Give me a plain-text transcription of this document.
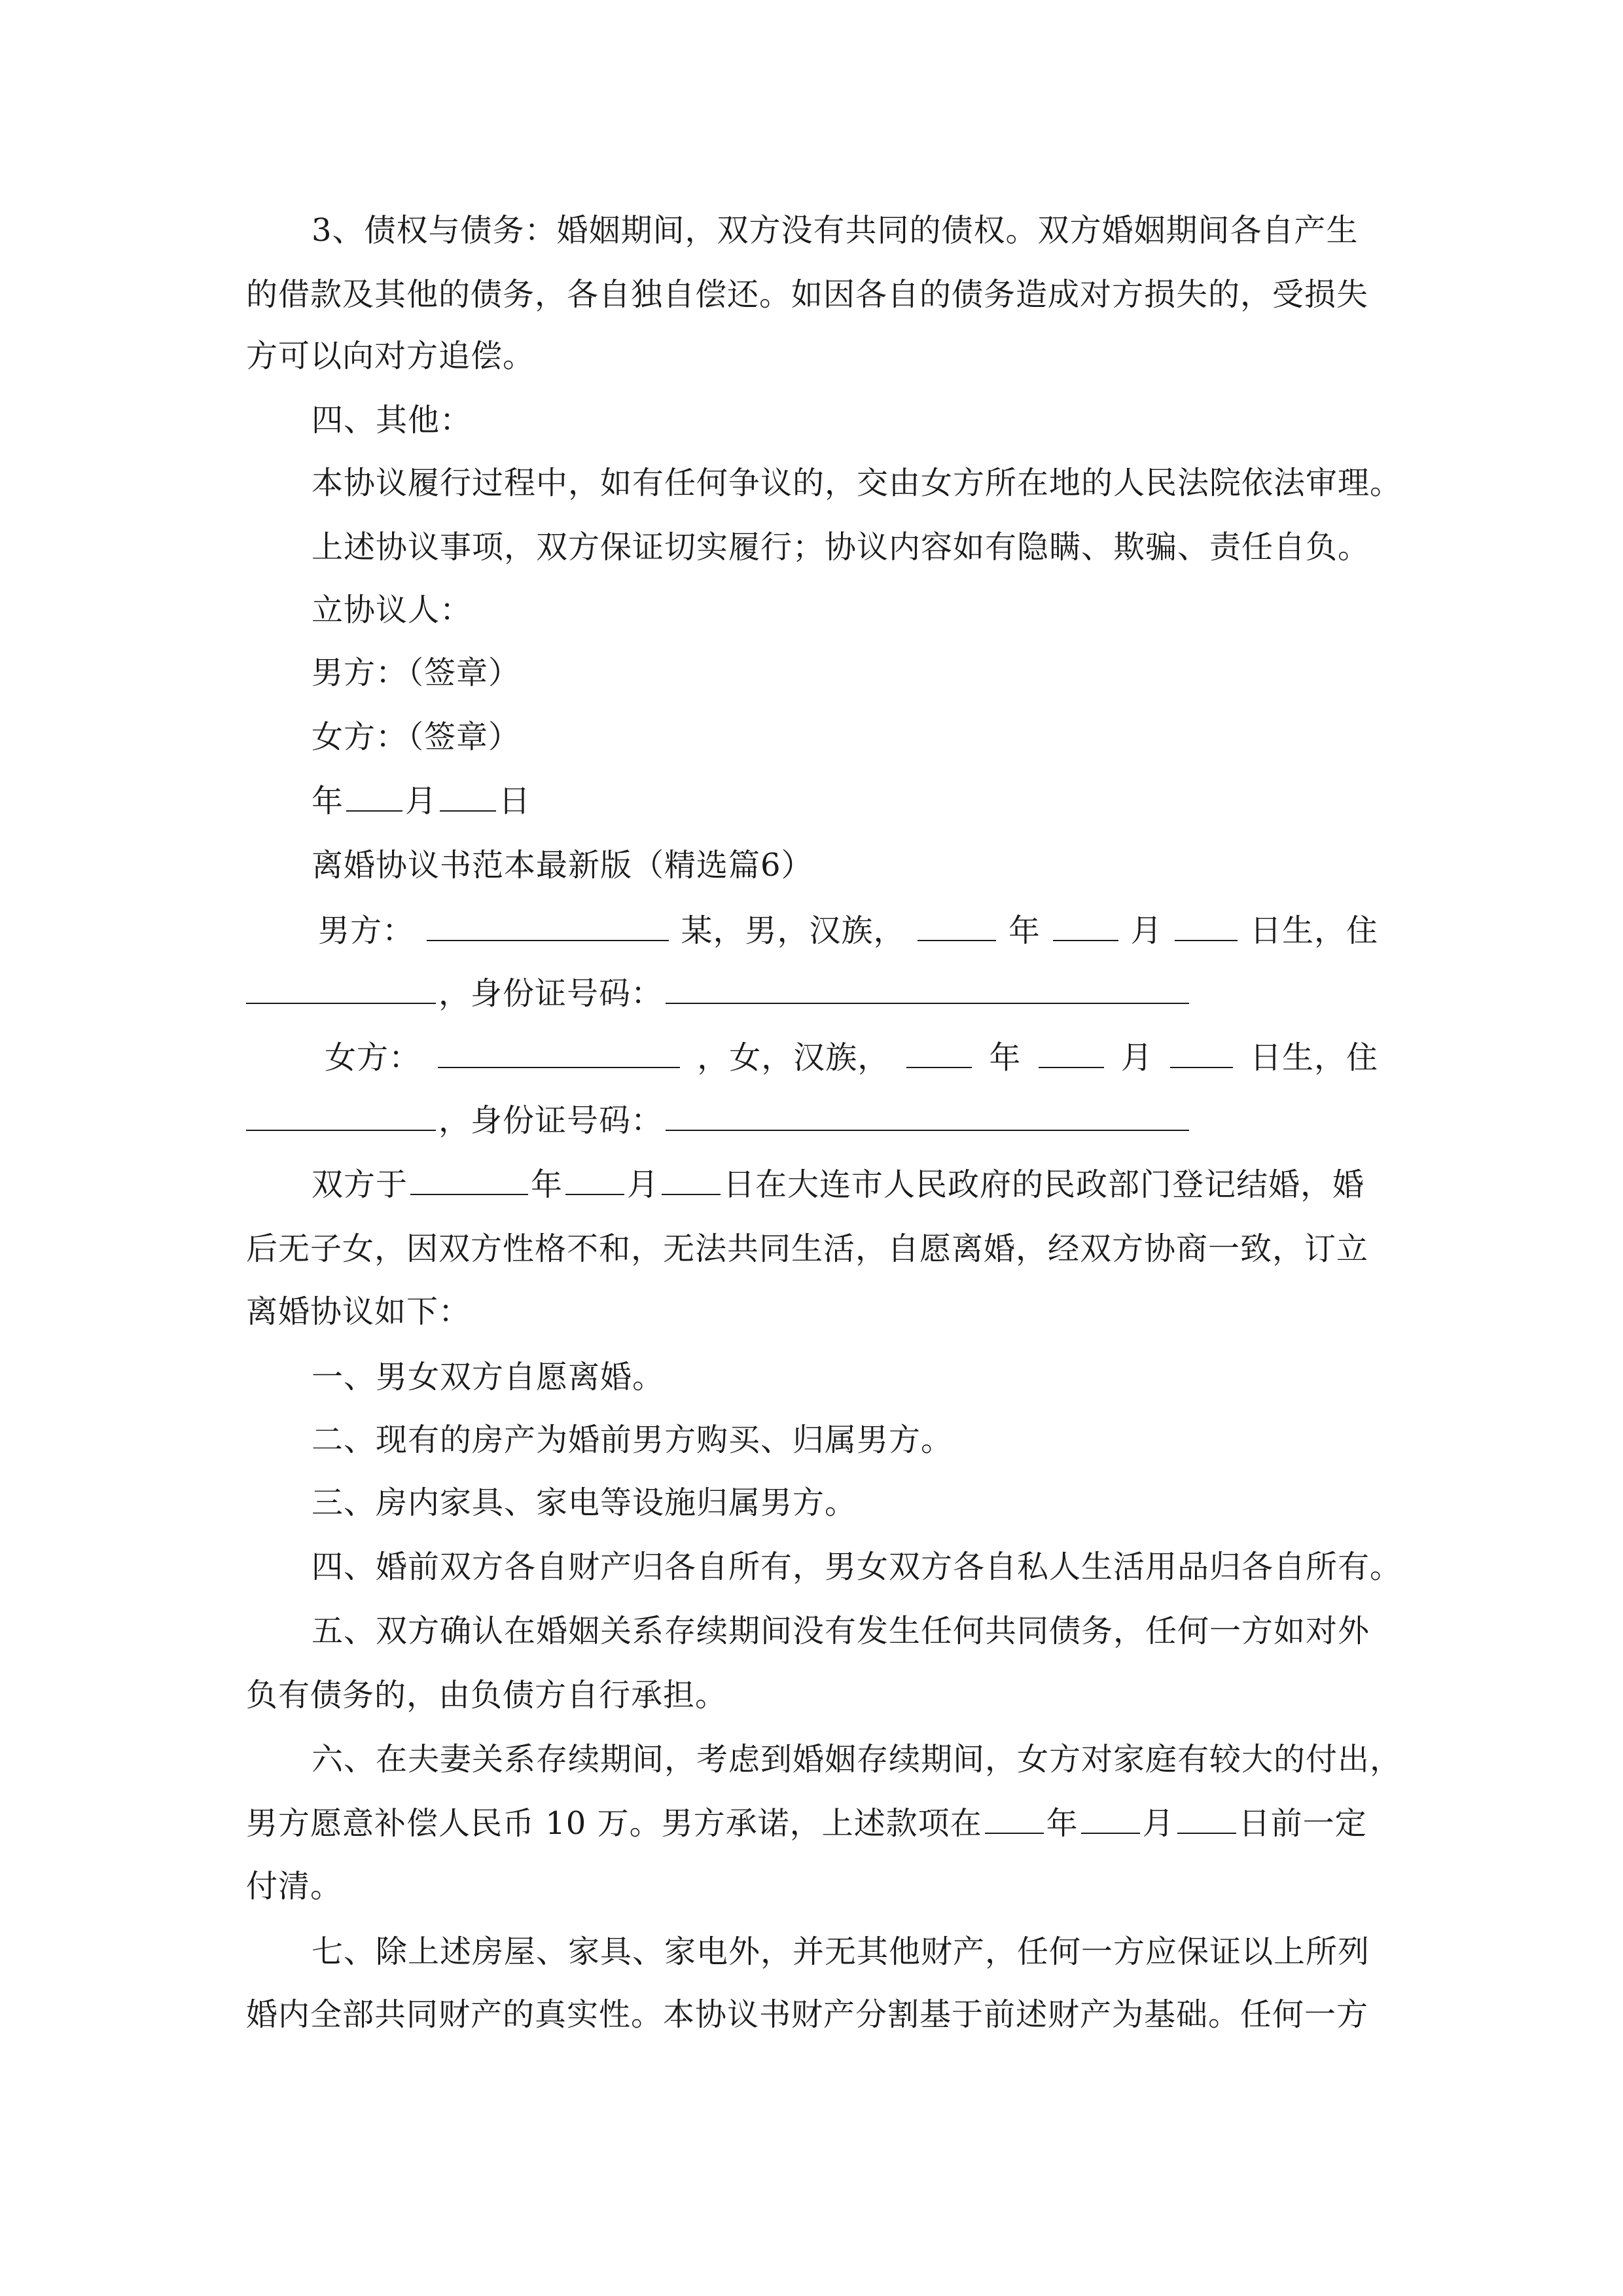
3、债权与债务：婚姻期间，双方没有共同的债权。双方婚姻期间各自产生
的借款及其他的债务，各自独自偿还。如因各自的债务造成对方损失的，受损失
方可以向对方追偿。
四、其他：
本协议履行过程中，如有任何争议的，交由女方所在地的人民法院依法审理。
上述协议事项，双方保证切实履行；协议内容如有隐瞒、欺骗、责任自负。
立协议人：
男方：（签章）
女方：（签章）
年 月 日
离婚协议书范本最新版（精选篇6）
男方：	某，男，汉族，	年	月	日生，住
，身份证号码：
女方：	，女，汉族，	年	月	日生，住
，身份证号码：
双方于	年 月 日在大连市人民政府的民政部门登记结婚，婚
后无子女，因双方性格不和，无法共同生活，自愿离婚，经双方协商一致，订立
离婚协议如下：
一、男女双方自愿离婚。
二、现有的房产为婚前男方购买、归属男方。
三、房内家具、家电等设施归属男方。
四、婚前双方各自财产归各自所有，男女双方各自私人生活用品归各自所有。
五、双方确认在婚姻关系存续期间没有发生任何共同债务，任何一方如对外
负有债务的，由负债方自行承担。
六、在夫妻关系存续期间，考虑到婚姻存续期间，女方对家庭有较大的付出，
男方愿意补偿人民币 10 万。男方承诺，上述款项在 年 月 日前一定
付清。
七、除上述房屋、家具、家电外，并无其他财产，任何一方应保证以上所列
婚内全部共同财产的真实性。本协议书财产分割基于前述财产为基础。任何一方
